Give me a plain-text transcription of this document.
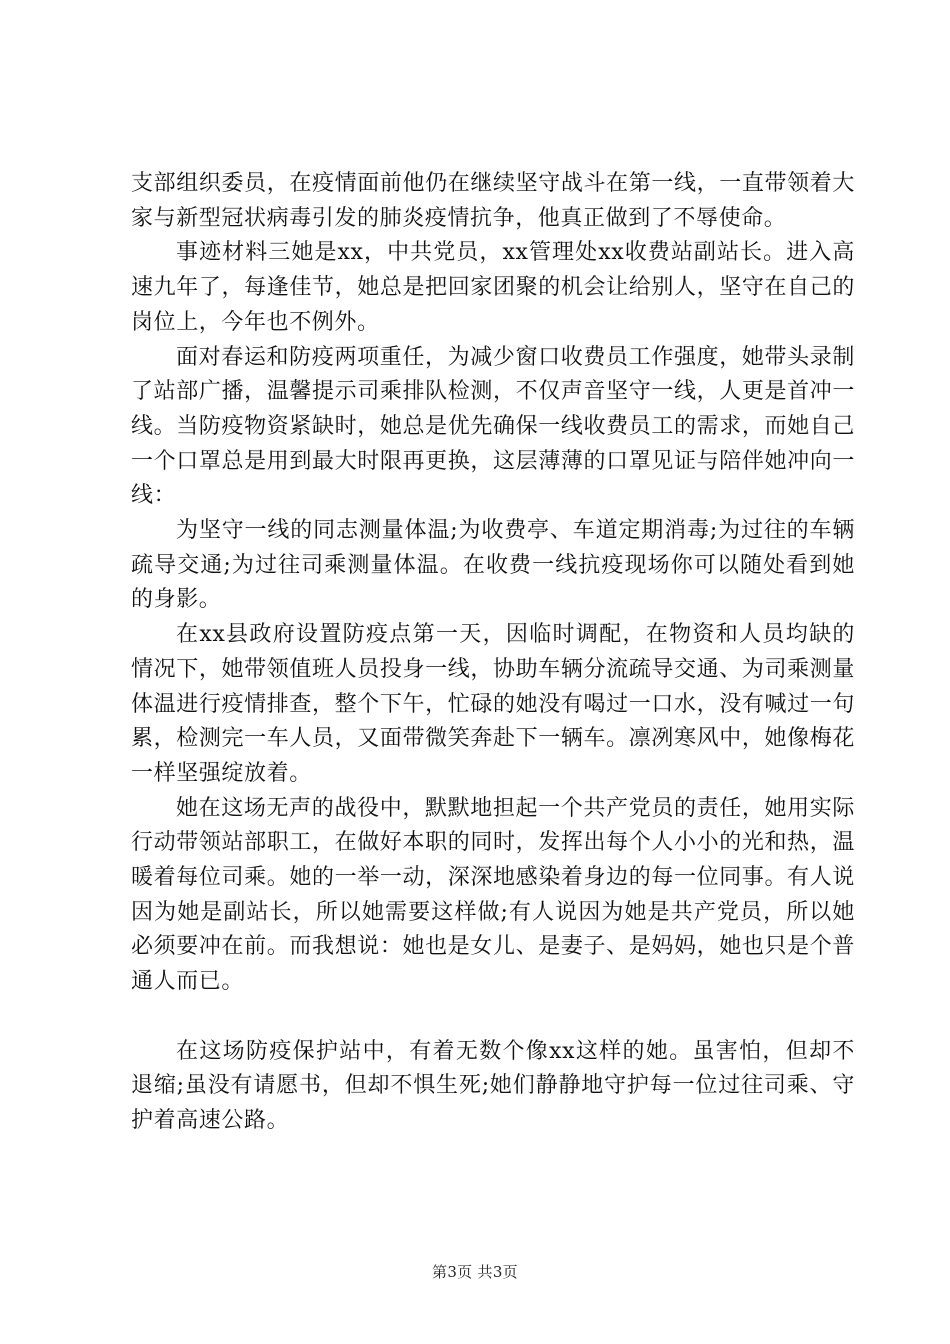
支部组织委员，在疫情面前他仍在继续坚守战斗在第一线，一直带领着大家与新型冠状病毒引发的肺炎疫情抗争，他真正做到了不辱使命。

事迹材料三她是xx，中共党员，xx管理处xx收费站副站长。进入高速九年了，每逢佳节，她总是把回家团聚的机会让给别人，坚守在自己的岗位上，今年也不例外。

面对春运和防疫两项重任，为减少窗口收费员工作强度，她带头录制了站部广播，温馨提示司乘排队检测，不仅声音坚守一线，人更是首冲一线。当防疫物资紧缺时，她总是优先确保一线收费员工的需求，而她自己一个口罩总是用到最大时限再更换，这层薄薄的口罩见证与陪伴她冲向一线：

为坚守一线的同志测量体温;为收费亭、车道定期消毒;为过往的车辆疏导交通;为过往司乘测量体温。在收费一线抗疫现场你可以随处看到她的身影。

在xx县政府设置防疫点第一天，因临时调配，在物资和人员均缺的情况下，她带领值班人员投身一线，协助车辆分流疏导交通、为司乘测量体温进行疫情排查，整个下午，忙碌的她没有喝过一口水，没有喊过一句累，检测完一车人员，又面带微笑奔赴下一辆车。凛冽寒风中，她像梅花一样坚强绽放着。

她在这场无声的战役中，默默地担起一个共产党员的责任，她用实际行动带领站部职工，在做好本职的同时，发挥出每个人小小的光和热，温暖着每位司乘。她的一举一动，深深地感染着身边的每一位同事。有人说因为她是副站长，所以她需要这样做;有人说因为她是共产党员，所以她必须要冲在前。而我想说：她也是女儿、是妻子、是妈妈，她也只是个普通人而已。

在这场防疫保护站中，有着无数个像xx这样的她。虽害怕，但却不退缩;虽没有请愿书，但却不惧生死;她们静静地守护每一位过往司乘、守护着高速公路。

第3页 共3页
